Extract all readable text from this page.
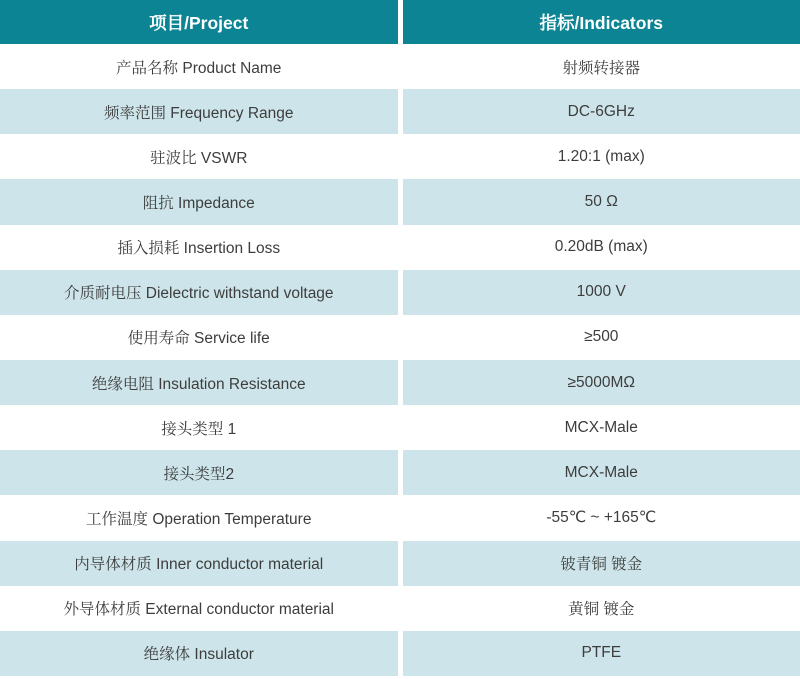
项目/Project	指标/Indicators
产品名称 Product Name	射频转接器
频率范围 Frequency Range	DC-6GHz
驻波比 VSWR	1.20:1 (max)
阻抗 Impedance	50 Ω
插入损耗 Insertion Loss	0.20dB (max)
介质耐电压 Dielectric withstand voltage	1000 V
使用寿命 Service life	≥500
绝缘电阻 Insulation Resistance	≥5000MΩ
接头类型 1	MCX-Male
接头类型2	MCX-Male
工作温度 Operation Temperature	-55℃ ~ +165℃
内导体材质 Inner conductor material	铍青铜 镀金
外导体材质 External conductor material	黄铜 镀金
绝缘体 Insulator	PTFE
